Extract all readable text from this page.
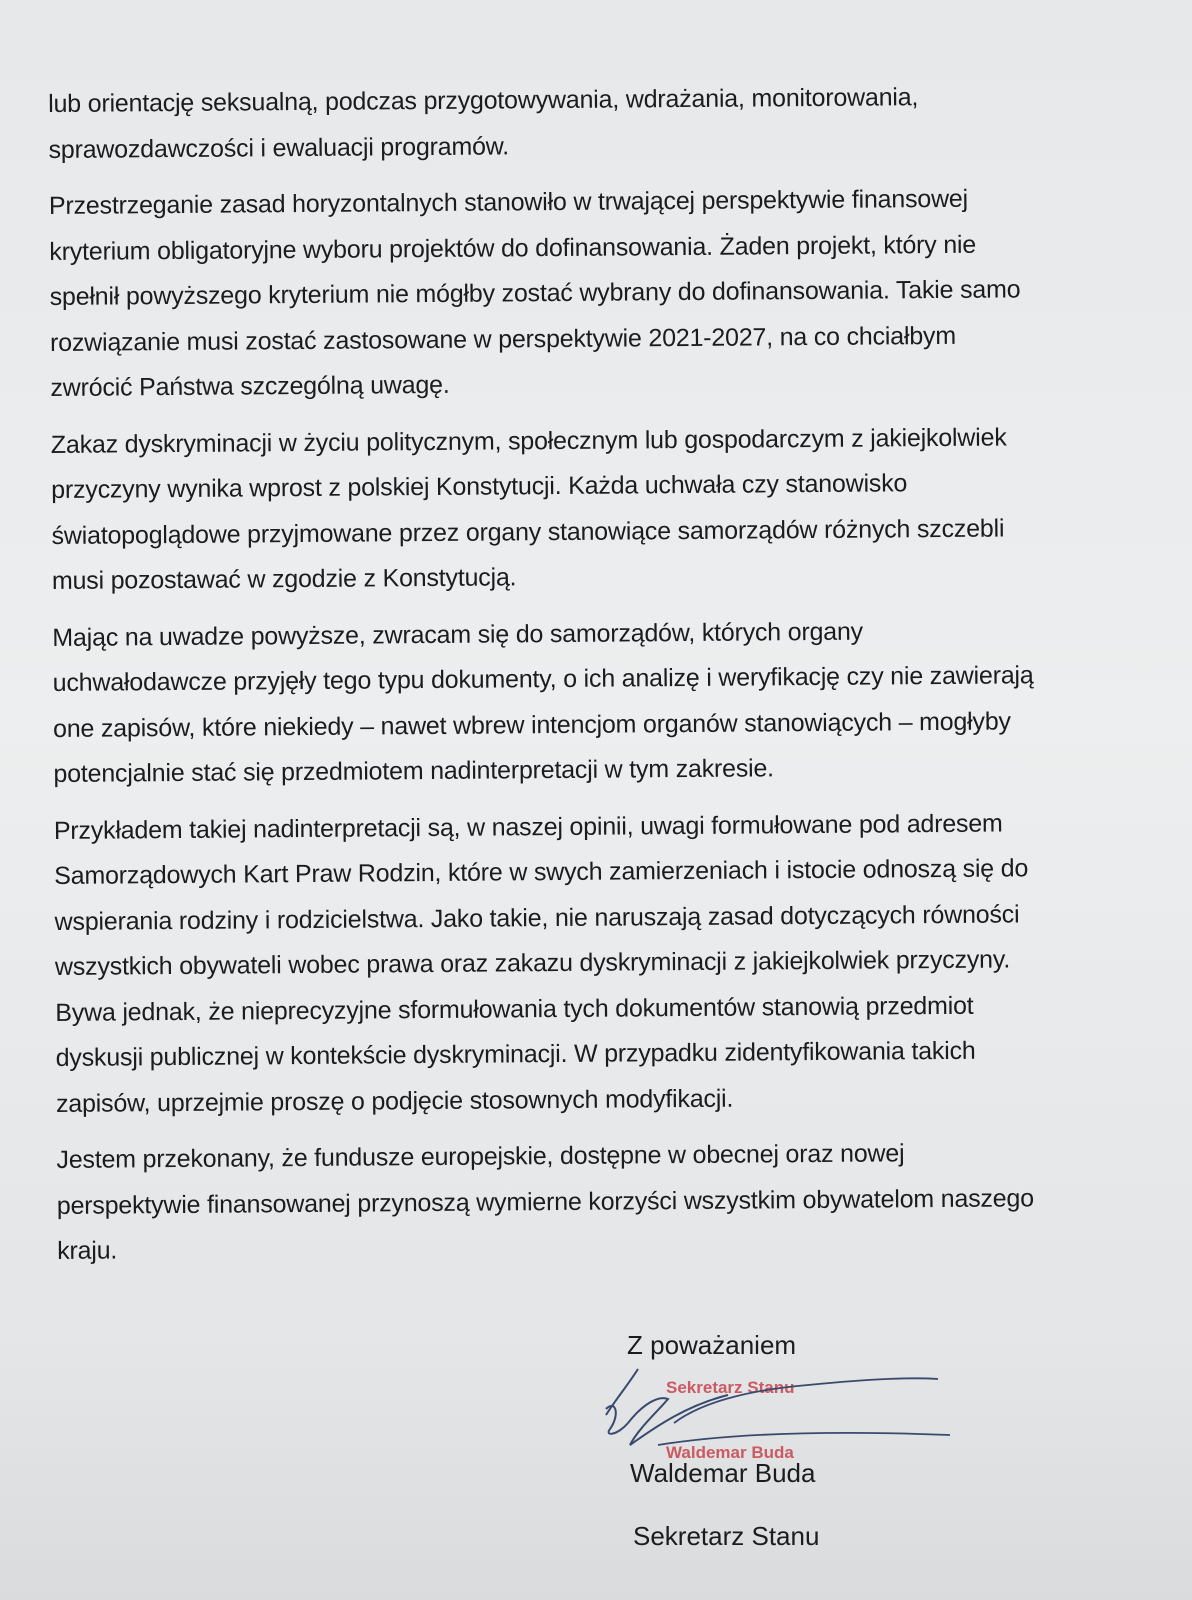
lub orientację seksualną, podczas przygotowywania, wdrażania, monitorowania,
sprawozdawczości i ewaluacji programów.

Przestrzeganie zasad horyzontalnych stanowiło w trwającej perspektywie finansowej
kryterium obligatoryjne wyboru projektów do dofinansowania. Żaden projekt, który nie
spełnił powyższego kryterium nie mógłby zostać wybrany do dofinansowania. Takie samo
rozwiązanie musi zostać zastosowane w perspektywie 2021-2027, na co chciałbym
zwrócić Państwa szczególną uwagę.

Zakaz dyskryminacji w życiu politycznym, społecznym lub gospodarczym z jakiejkolwiek
przyczyny wynika wprost z polskiej Konstytucji. Każda uchwała czy stanowisko
światopoglądowe przyjmowane przez organy stanowiące samorządów różnych szczebli
musi pozostawać w zgodzie z Konstytucją.

Mając na uwadze powyższe, zwracam się do samorządów, których organy
uchwałodawcze przyjęły tego typu dokumenty, o ich analizę i weryfikację czy nie zawierają
one zapisów, które niekiedy – nawet wbrew intencjom organów stanowiących – mogłyby
potencjalnie stać się przedmiotem nadinterpretacji w tym zakresie.

Przykładem takiej nadinterpretacji są, w naszej opinii, uwagi formułowane pod adresem
Samorządowych Kart Praw Rodzin, które w swych zamierzeniach i istocie odnoszą się do
wspierania rodziny i rodzicielstwa. Jako takie, nie naruszają zasad dotyczących równości
wszystkich obywateli wobec prawa oraz zakazu dyskryminacji z jakiejkolwiek przyczyny.
Bywa jednak, że nieprecyzyjne sformułowania tych dokumentów stanowią przedmiot
dyskusji publicznej w kontekście dyskryminacji. W przypadku zidentyfikowania takich
zapisów, uprzejmie proszę o podjęcie stosownych modyfikacji.

Jestem przekonany, że fundusze europejskie, dostępne w obecnej oraz nowej
perspektywie finansowanej przynoszą wymierne korzyści wszystkim obywatelom naszego
kraju.

Z poważaniem
Sekretarz Stanu
Waldemar Buda
Waldemar Buda
Sekretarz Stanu
